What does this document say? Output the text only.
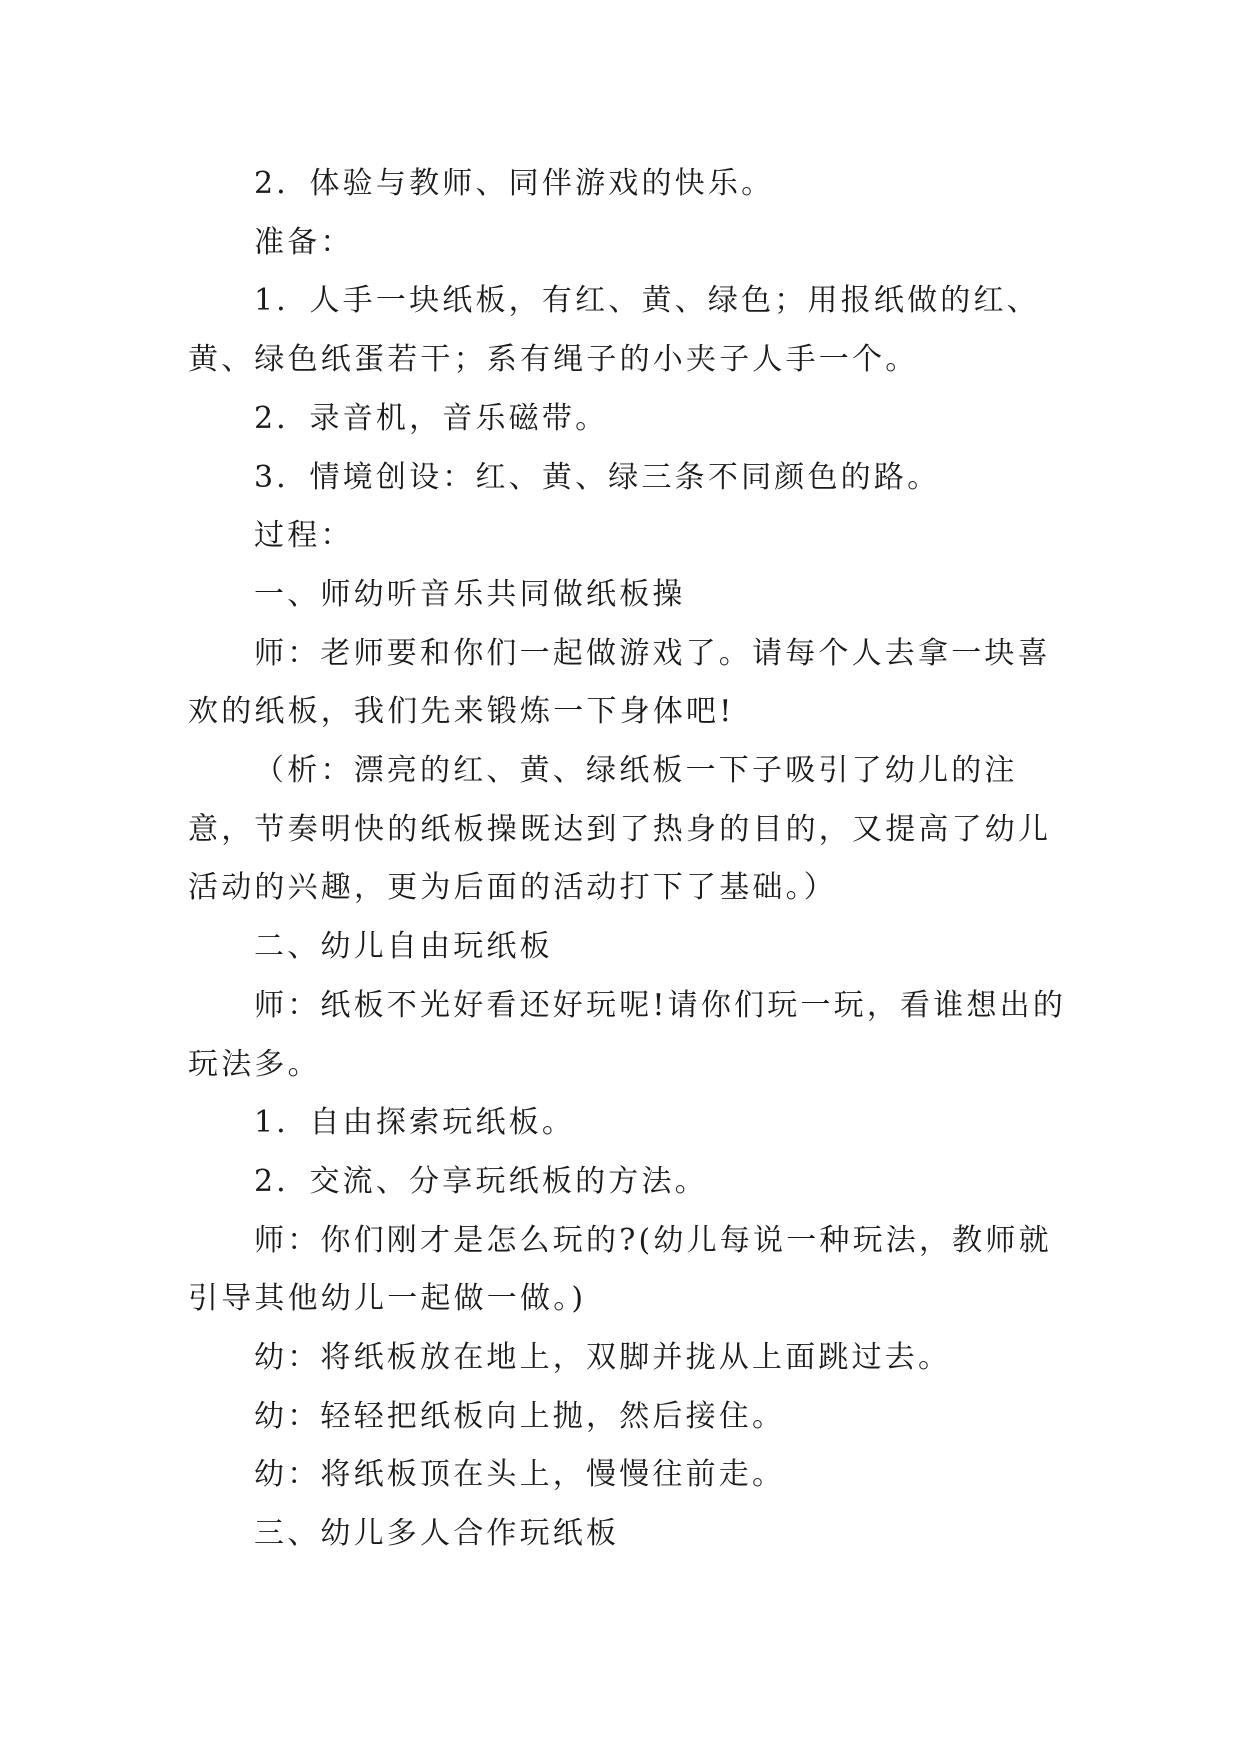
2．体验与教师、同伴游戏的快乐。

准备：

1．人手一块纸板，有红、黄、绿色；用报纸做的红、黄、绿色纸蛋若干；系有绳子的小夹子人手一个。

2．录音机，音乐磁带。

3．情境创设：红、黄、绿三条不同颜色的路。

过程：

一、师幼听音乐共同做纸板操

师：老师要和你们一起做游戏了。请每个人去拿一块喜欢的纸板，我们先来锻炼一下身体吧!

（析：漂亮的红、黄、绿纸板一下子吸引了幼儿的注意，节奏明快的纸板操既达到了热身的目的，又提高了幼儿活动的兴趣，更为后面的活动打下了基础。）

二、幼儿自由玩纸板

师：纸板不光好看还好玩呢!请你们玩一玩，看谁想出的玩法多。

1．自由探索玩纸板。

2．交流、分享玩纸板的方法。

师：你们刚才是怎么玩的?(幼儿每说一种玩法，教师就引导其他幼儿一起做一做。)

幼：将纸板放在地上，双脚并拢从上面跳过去。

幼：轻轻把纸板向上抛，然后接住。

幼：将纸板顶在头上，慢慢往前走。

三、幼儿多人合作玩纸板
